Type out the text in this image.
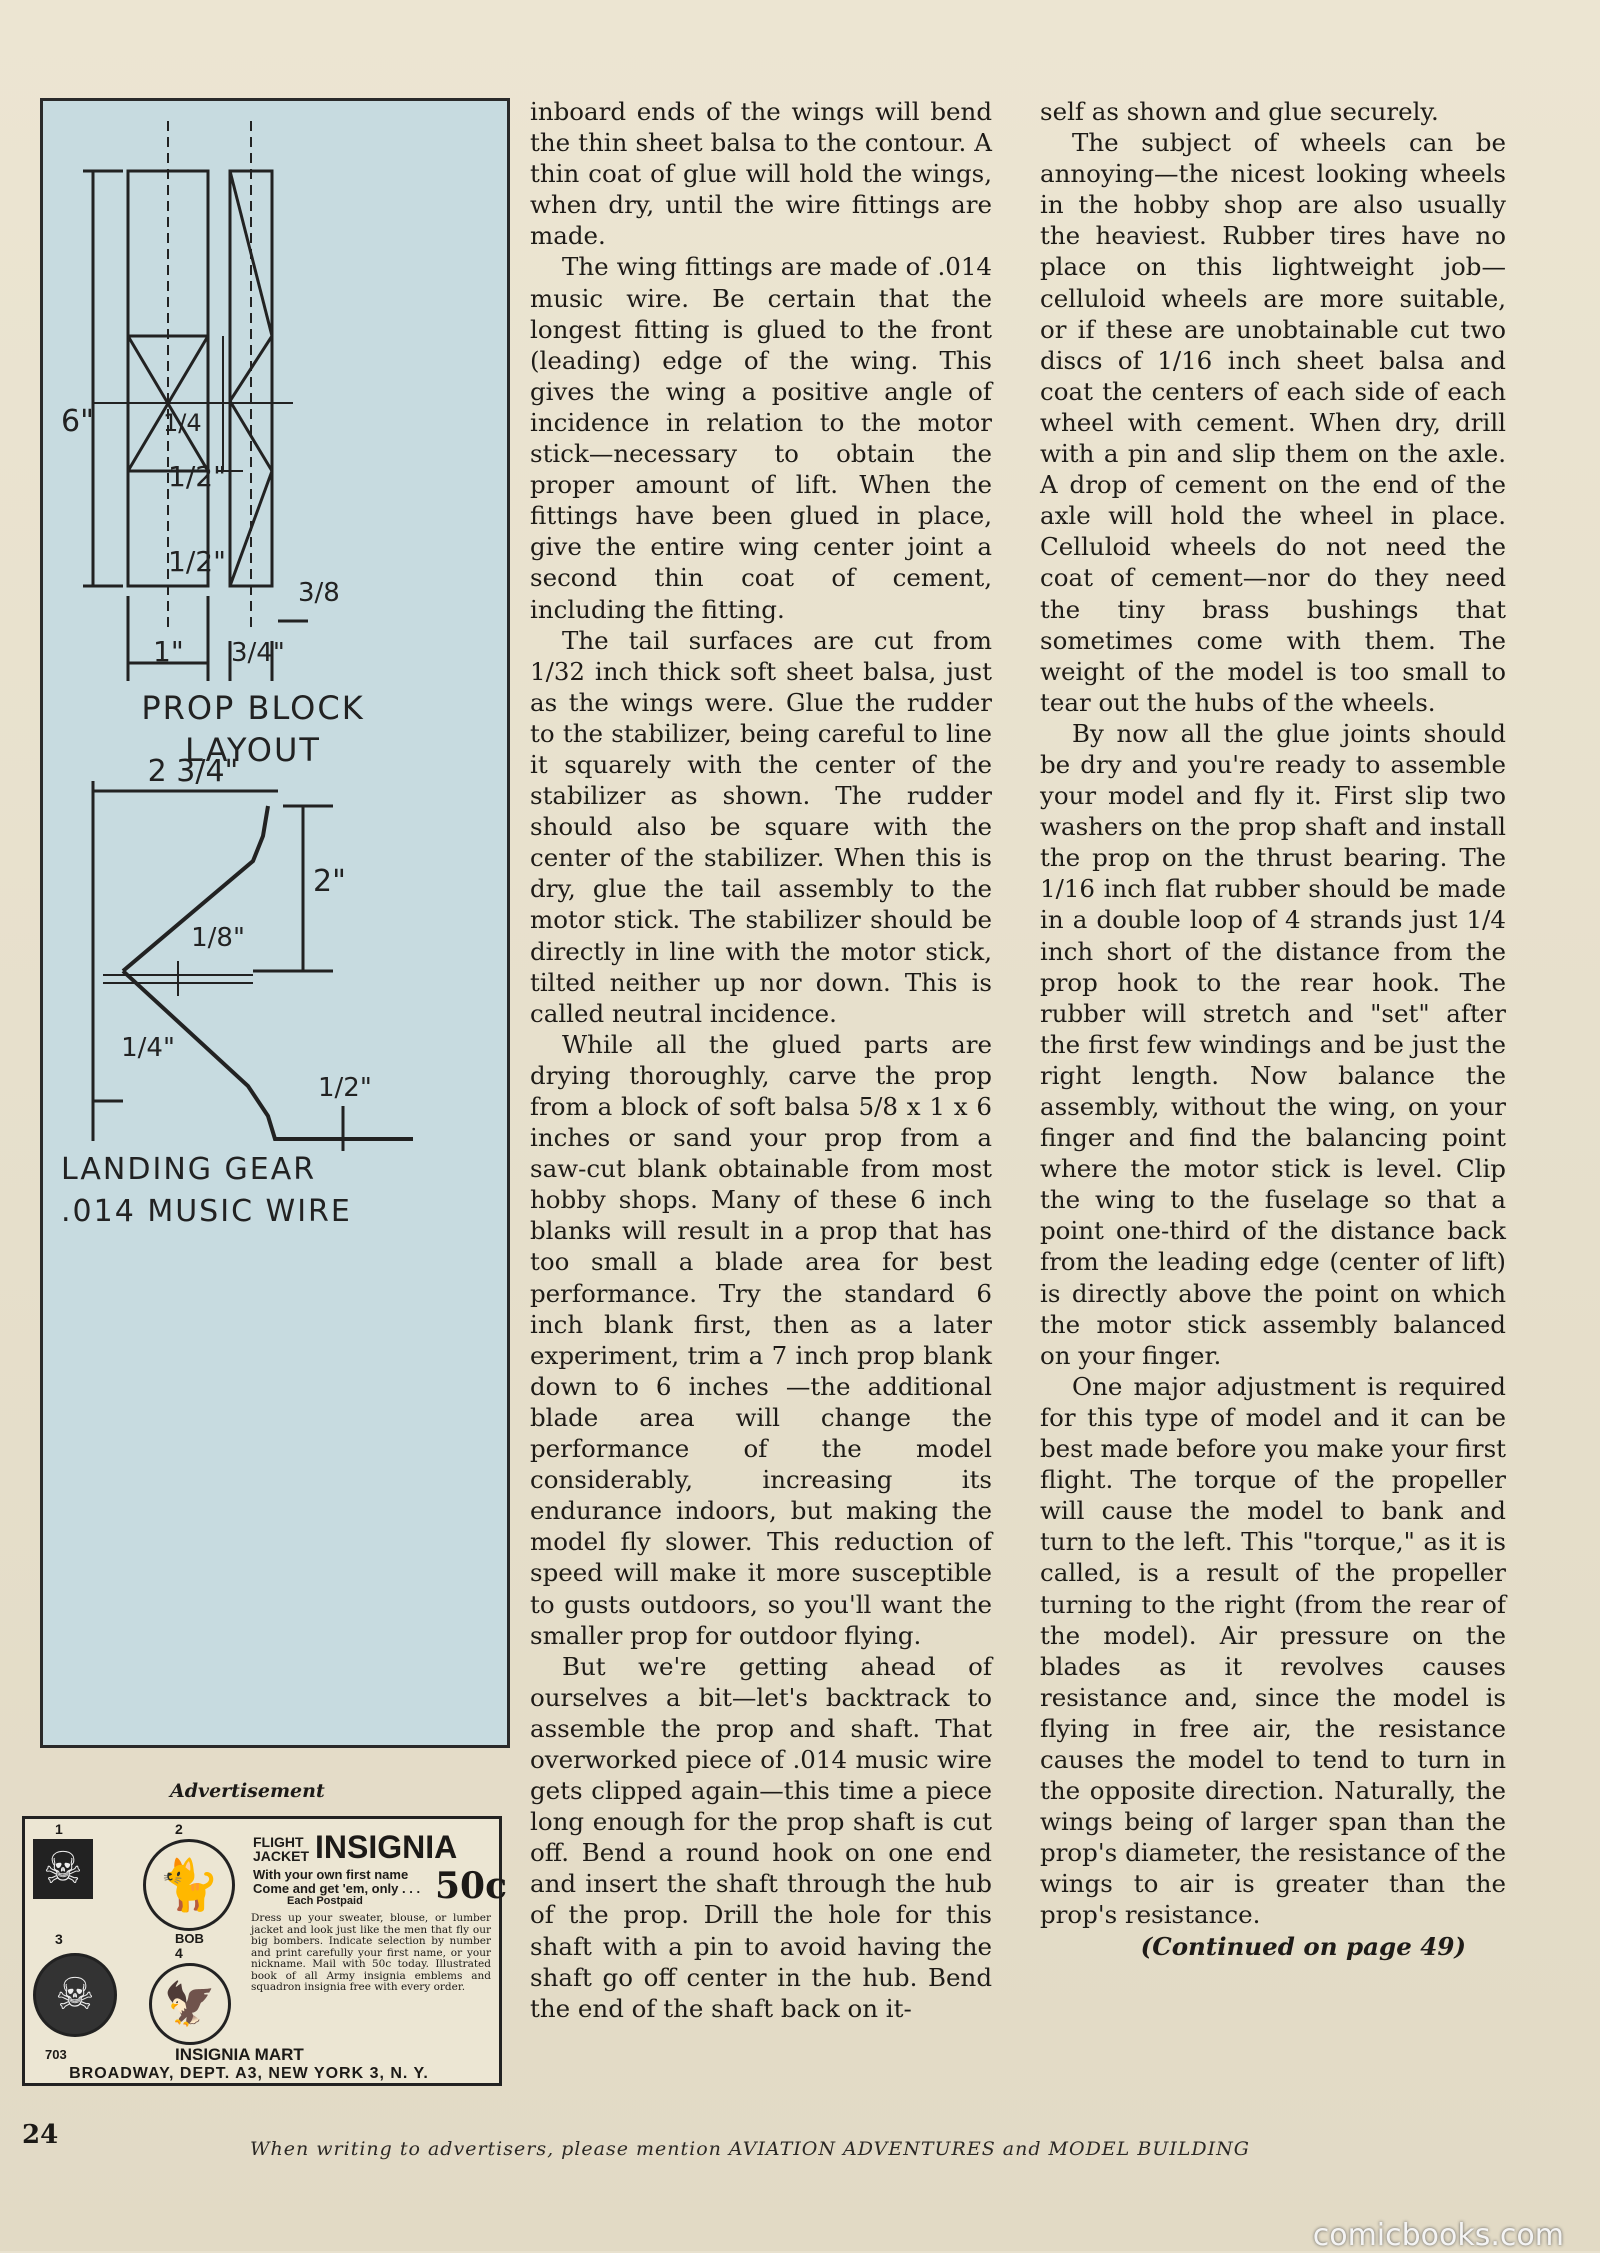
6"	1/4
1/2"
1/2"
1" 3/4"
3/8
PROP BLOCK
LAYOUT
2 3/4"
2"
1/8"
1/4"
1/2"
LANDING GEAR
.014 MUSIC WIRE
Advertisement
1
☠
2
🐈
BOB
FLIGHT JACKET INSIGNIA
With your own first name
Come and get 'em, only . . .
Each Postpaid 50c
Dress up your sweater, blouse, or lumber jacket and look just like the men that fly our big bombers. Indicate selection by number and print carefully your first name, or your nickname. Mail with 50c today. Illustrated book of all Army insignia emblems and squadron insignia free with every order.
3
☠
4
🦅
703	INSIGNIA MART
BROADWAY, DEPT. A3, NEW YORK 3, N. Y.

inboard ends of the wings will bend the thin sheet balsa to the contour. A thin coat of glue will hold the wings, when dry, until the wire fittings are made.

The wing fittings are made of .014 music wire. Be certain that the longest fitting is glued to the front (leading) edge of the wing. This gives the wing a positive angle of incidence in relation to the motor stick—necessary to obtain the proper amount of lift. When the fittings have been glued in place, give the entire wing center joint a second thin coat of cement, including the fitting.

The tail surfaces are cut from 1/32 inch thick soft sheet balsa, just as the wings were. Glue the rudder to the stabilizer, being careful to line it squarely with the center of the stabilizer as shown. The rudder should also be square with the center of the stabilizer. When this is dry, glue the tail assembly to the motor stick. The stabilizer should be directly in line with the motor stick, tilted neither up nor down. This is called neutral incidence.

While all the glued parts are drying thoroughly, carve the prop from a block of soft balsa 5/8 x 1 x 6 inches or sand your prop from a saw-cut blank obtainable from most hobby shops. Many of these 6 inch blanks will result in a prop that has too small a blade area for best performance. Try the standard 6 inch blank first, then as a later experiment, trim a 7 inch prop blank down to 6 inches —the additional blade area will change the performance of the model considerably, increasing its endurance indoors, but making the model fly slower. This reduction of speed will make it more susceptible to gusts outdoors, so you'll want the smaller prop for outdoor flying.

But we're getting ahead of ourselves a bit—let's backtrack to assemble the prop and shaft. That overworked piece of .014 music wire gets clipped again—this time a piece long enough for the prop shaft is cut off. Bend a round hook on one end and insert the shaft through the hub of the prop. Drill the hole for this shaft with a pin to avoid having the shaft go off center in the hub. Bend the end of the shaft back on it-

self as shown and glue securely.

The subject of wheels can be annoying—the nicest looking wheels in the hobby shop are also usually the heaviest. Rubber tires have no place on this lightweight job—celluloid wheels are more suitable, or if these are unobtainable cut two discs of 1/16 inch sheet balsa and coat the centers of each side of each wheel with cement. When dry, drill with a pin and slip them on the axle. A drop of cement on the end of the axle will hold the wheel in place. Celluloid wheels do not need the coat of cement—nor do they need the tiny brass bushings that sometimes come with them. The weight of the model is too small to tear out the hubs of the wheels.

By now all the glue joints should be dry and you're ready to assemble your model and fly it. First slip two washers on the prop shaft and install the prop on the thrust bearing. The 1/16 inch flat rubber should be made in a double loop of 4 strands just 1/4 inch short of the distance from the prop hook to the rear hook. The rubber will stretch and "set" after the first few windings and be just the right length. Now balance the assembly, without the wing, on your finger and find the balancing point where the motor stick is level. Clip the wing to the fuselage so that a point one-third of the distance back from the leading edge (center of lift) is directly above the point on which the motor stick assembly balanced on your finger.

One major adjustment is required for this type of model and it can be best made before you make your first flight. The torque of the propeller will cause the model to bank and turn to the left. This "torque," as it is called, is a result of the propeller turning to the right (from the rear of the model). Air pressure on the blades as it revolves causes resistance and, since the model is flying in free air, the resistance causes the model to tend to turn in the opposite direction. Naturally, the wings being of larger span than the prop's diameter, the resistance of the wings to air is greater than the prop's resistance.

(Continued on page 49)

24	When writing to advertisers, please mention AVIATION ADVENTURES and MODEL BUILDING
comicbooks.com
